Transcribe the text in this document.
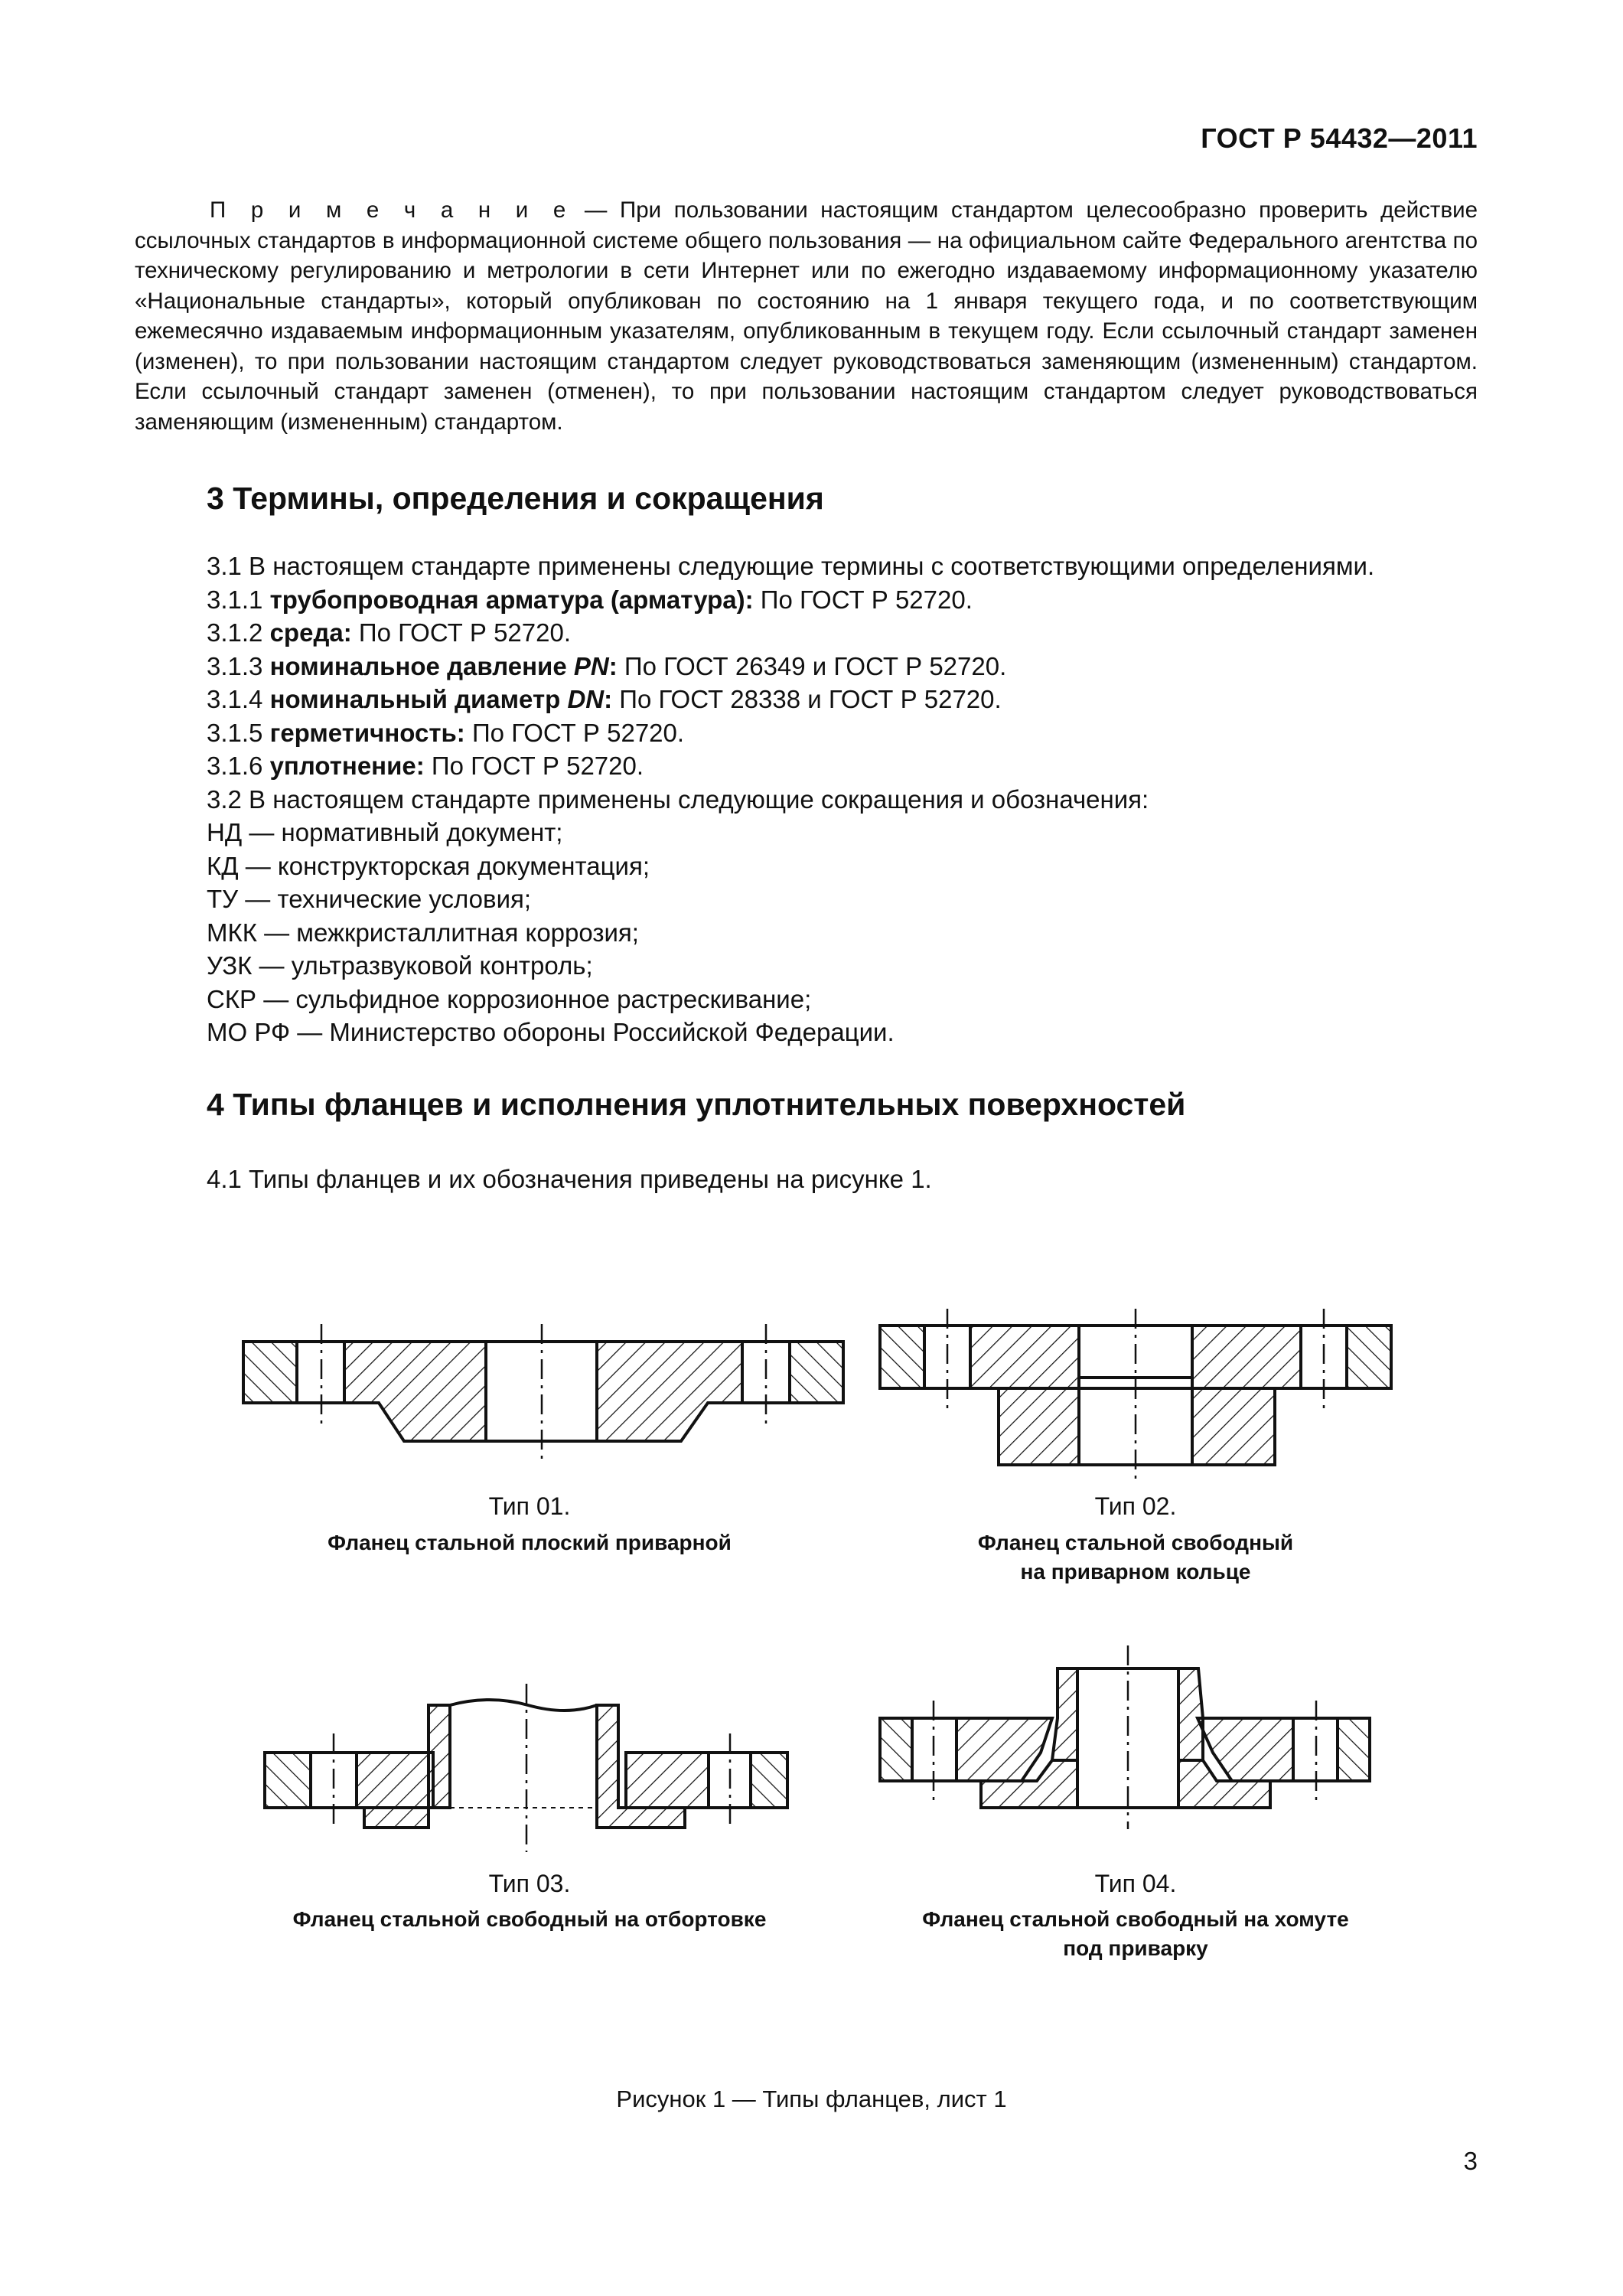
ГОСТ Р 54432—2011
П р и м е ч а н и е — При пользовании настоящим стандартом целесообразно проверить действие ссылочных стандартов в информационной системе общего пользования — на официальном сайте Федерального агентства по техническому регулированию и метрологии в сети Интернет или по ежегодно издаваемому информационному указателю «Национальные стандарты», который опубликован по состоянию на 1 января текущего года, и по соответствующим ежемесячно издаваемым информационным указателям, опубликованным в текущем году. Если ссылочный стандарт заменен (изменен), то при пользовании настоящим стандартом следует руководствоваться заменяющим (измененным) стандартом. Если ссылочный стандарт заменен (отменен), то при пользовании настоящим стандартом следует руководствоваться заменяющим (измененным) стандартом.
3 Термины, определения и сокращения

3.1 В настоящем стандарте применены следующие термины с соответствующими определениями.

3.1.1 трубопроводная арматура (арматура): По ГОСТ Р 52720.

3.1.2 среда: По ГОСТ Р 52720.

3.1.3 номинальное давление PN: По ГОСТ 26349 и ГОСТ Р 52720.

3.1.4 номинальный диаметр DN: По ГОСТ 28338 и ГОСТ Р 52720.

3.1.5 герметичность: По ГОСТ Р 52720.

3.1.6 уплотнение: По ГОСТ Р 52720.

3.2 В настоящем стандарте применены следующие сокращения и обозначения:

НД — нормативный документ;

КД — конструкторская документация;

ТУ — технические условия;

МКК — межкристаллитная коррозия;

УЗК — ультразвуковой контроль;

СКР — сульфидное коррозионное растрескивание;

МО РФ — Министерство обороны Российской Федерации.

4 Типы фланцев и исполнения уплотнительных поверхностей
4.1 Типы фланцев и их обозначения приведены на рисунке 1.
Тип 01.
Фланец стальной плоский приварной
Тип 02.
Фланец стальной свободный
на приварном кольце
Тип 03.
Фланец стальной свободный на отбортовке
Тип 04.
Фланец стальной свободный на хомуте
под приварку
Рисунок 1 — Типы фланцев, лист 1
3
